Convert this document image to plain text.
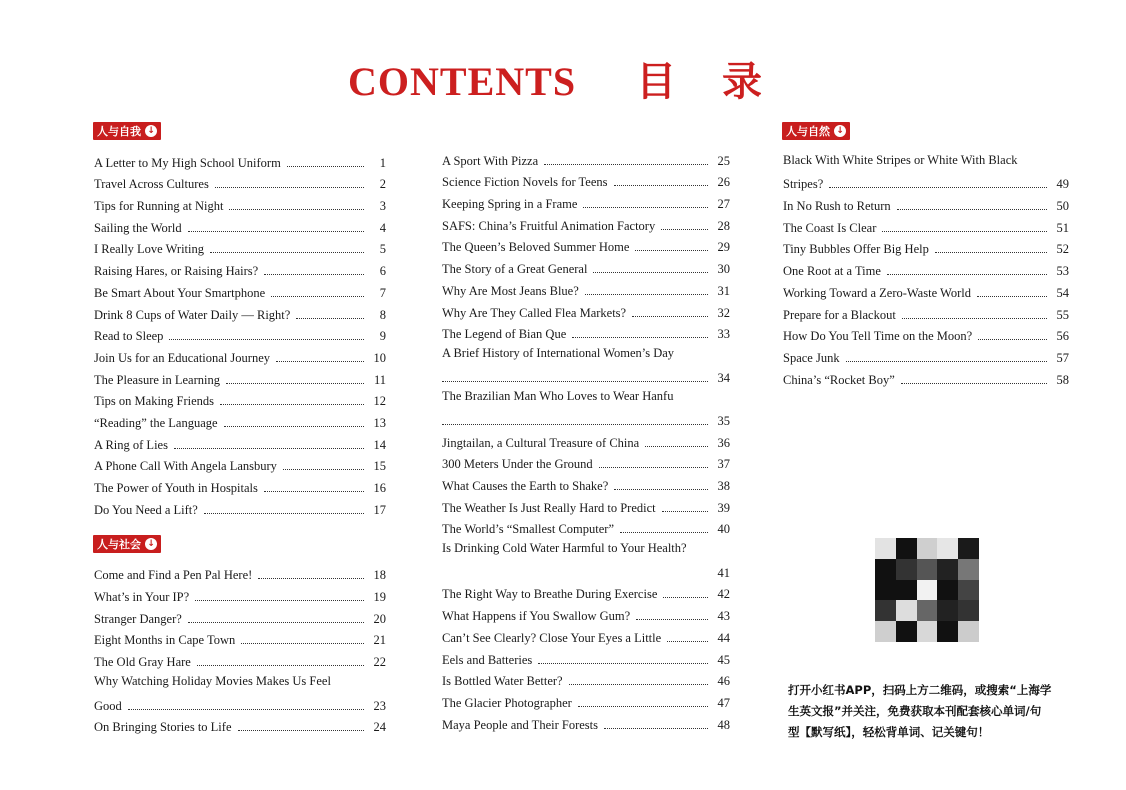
CONTENTS 目 录
人与自我 ↓
A Letter to My High School Uniform	1
Travel Across Cultures	2
Tips for Running at Night	3
Sailing the World	4
I Really Love Writing	5
Raising Hares, or Raising Hairs?	6
Be Smart About Your Smartphone	7
Drink 8 Cups of Water Daily — Right?	8
Read to Sleep	9
Join Us for an Educational Journey	10
The Pleasure in Learning	11
Tips on Making Friends	12
“Reading” the Language	13
A Ring of Lies	14
A Phone Call With Angela Lansbury	15
The Power of Youth in Hospitals	16
Do You Need a Lift?	17
人与社会 ↓
Come and Find a Pen Pal Here!	18
What’s in Your IP?	19
Stranger Danger?	20
Eight Months in Cape Town	21
The Old Gray Hare	22
Why Watching Holiday Movies Makes Us Feel
Good	23
On Bringing Stories to Life	24
A Sport With Pizza	25
Science Fiction Novels for Teens	26
Keeping Spring in a Frame	27
SAFS: China’s Fruitful Animation Factory	28
The Queen’s Beloved Summer Home	29
The Story of a Great General	30
Why Are Most Jeans Blue?	31
Why Are They Called Flea Markets?	32
The Legend of Bian Que	33
A Brief History of International Women’s Day
34
The Brazilian Man Who Loves to Wear Hanfu
35
Jingtailan, a Cultural Treasure of China	36
300 Meters Under the Ground	37
What Causes the Earth to Shake?	38
The Weather Is Just Really Hard to Predict	39
The World’s “Smallest Computer”	40
Is Drinking Cold Water Harmful to Your Health?
41
The Right Way to Breathe During Exercise	42
What Happens if You Swallow Gum?	43
Can’t See Clearly? Close Your Eyes a Little	44
Eels and Batteries	45
Is Bottled Water Better?	46
The Glacier Photographer	47
Maya People and Their Forests	48
人与自然 ↓
Black With White Stripes or White With Black
Stripes?	49
In No Rush to Return	50
The Coast Is Clear	51
Tiny Bubbles Offer Big Help	52
One Root at a Time	53
Working Toward a Zero-Waste World	54
Prepare for a Blackout	55
How Do You Tell Time on the Moon?	56
Space Junk	57
China’s “Rocket Boy”	58
打开小红书APP，扫码上方二维码，或搜索“上海学
生英文报”并关注，免费获取本刊配套核心单词/句
型【默写纸】，轻松背单词、记关键句！
